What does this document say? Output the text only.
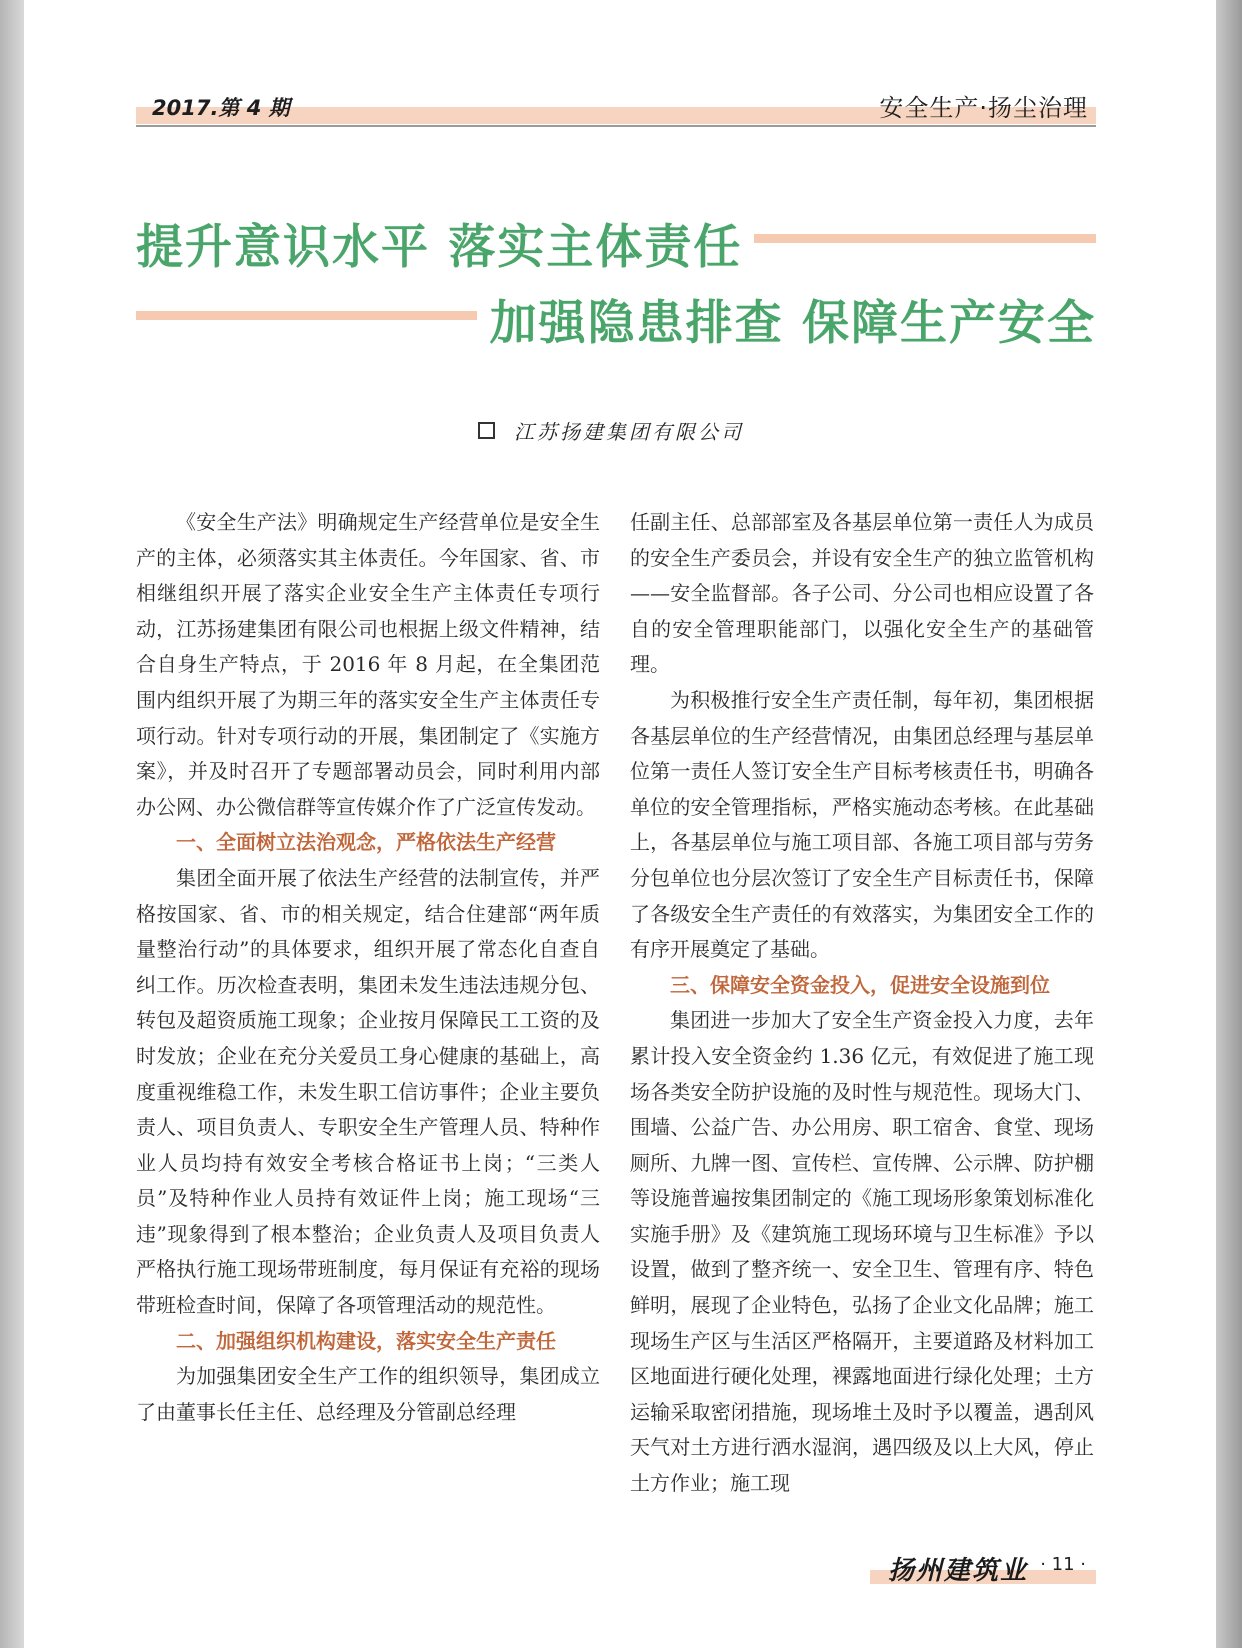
2017.第 4 期	安全生产·扬尘治理
提升意识水平 落实主体责任
加强隐患排查 保障生产安全
江苏扬建集团有限公司

《安全生产法》明确规定生产经营单位是安全生产的主体，必须落实其主体责任。今年国家、省、市相继组织开展了落实企业安全生产主体责任专项行动，江苏扬建集团有限公司也根据上级文件精神，结合自身生产特点，于 2016 年 8 月起，在全集团范围内组织开展了为期三年的落实安全生产主体责任专项行动。针对专项行动的开展，集团制定了《实施方案》，并及时召开了专题部署动员会，同时利用内部办公网、办公微信群等宣传媒介作了广泛宣传发动。

一、全面树立法治观念，严格依法生产经营

集团全面开展了依法生产经营的法制宣传，并严格按国家、省、市的相关规定，结合住建部“两年质量整治行动”的具体要求，组织开展了常态化自查自纠工作。历次检查表明，集团未发生违法违规分包、转包及超资质施工现象；企业按月保障民工工资的及时发放；企业在充分关爱员工身心健康的基础上，高度重视维稳工作，未发生职工信访事件；企业主要负责人、项目负责人、专职安全生产管理人员、特种作业人员均持有效安全考核合格证书上岗；“三类人员”及特种作业人员持有效证件上岗；施工现场“三违”现象得到了根本整治；企业负责人及项目负责人严格执行施工现场带班制度，每月保证有充裕的现场带班检查时间，保障了各项管理活动的规范性。

二、加强组织机构建设，落实安全生产责任

为加强集团安全生产工作的组织领导，集团成立了由董事长任主任、总经理及分管副总经理

任副主任、总部部室及各基层单位第一责任人为成员的安全生产委员会，并设有安全生产的独立监管机构——安全监督部。各子公司、分公司也相应设置了各自的安全管理职能部门，以强化安全生产的基础管理。

为积极推行安全生产责任制，每年初，集团根据各基层单位的生产经营情况，由集团总经理与基层单位第一责任人签订安全生产目标考核责任书，明确各单位的安全管理指标，严格实施动态考核。在此基础上，各基层单位与施工项目部、各施工项目部与劳务分包单位也分层次签订了安全生产目标责任书，保障了各级安全生产责任的有效落实，为集团安全工作的有序开展奠定了基础。

三、保障安全资金投入，促进安全设施到位

集团进一步加大了安全生产资金投入力度，去年累计投入安全资金约 1.36 亿元，有效促进了施工现场各类安全防护设施的及时性与规范性。现场大门、围墙、公益广告、办公用房、职工宿舍、食堂、现场厕所、九牌一图、宣传栏、宣传牌、公示牌、防护棚等设施普遍按集团制定的《施工现场形象策划标准化实施手册》及《建筑施工现场环境与卫生标准》予以设置，做到了整齐统一、安全卫生、管理有序、特色鲜明，展现了企业特色，弘扬了企业文化品牌；施工现场生产区与生活区严格隔开，主要道路及材料加工区地面进行硬化处理，裸露地面进行绿化处理；土方运输采取密闭措施，现场堆土及时予以覆盖，遇刮风天气对土方进行洒水湿润，遇四级及以上大风，停止土方作业；施工现

扬州建筑业 · 11 ·
